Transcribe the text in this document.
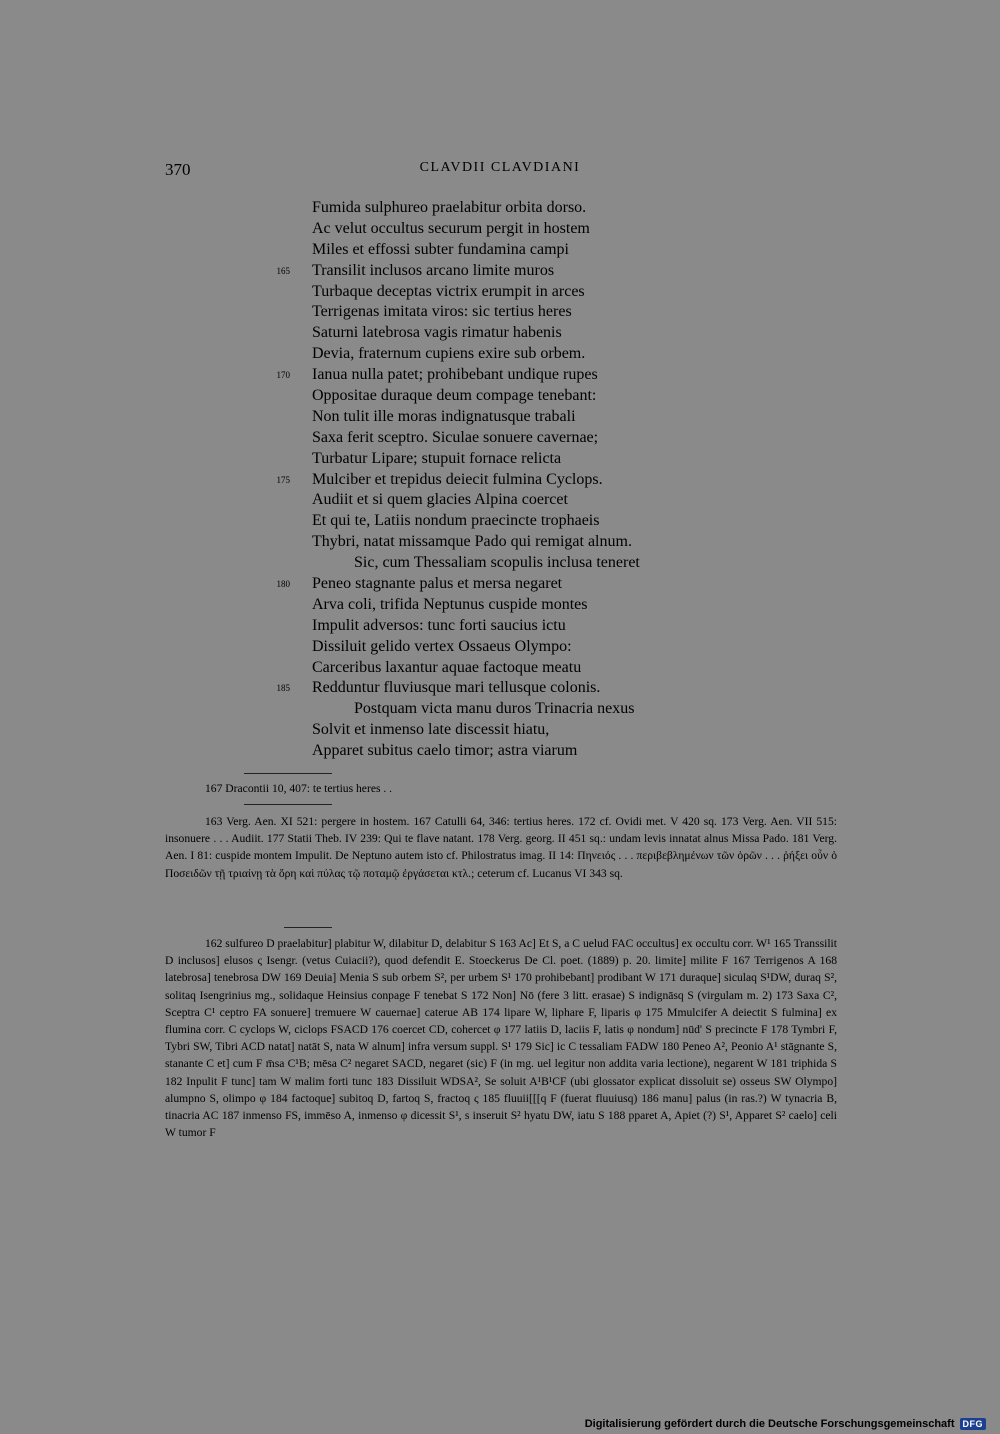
370	CLAVDII CLAVDIANI
Fumida sulphureo praelabitur orbita dorso.
Ac velut occultus securum pergit in hostem
Miles et effossi subter fundamina campi
165 Transilit inclusos arcano limite muros
Turbaque deceptas victrix erumpit in arces
Terrigenas imitata viros: sic tertius heres
Saturni latebrosa vagis rimatur habenis
Devia, fraternum cupiens exire sub orbem.
170 Ianua nulla patet; prohibebant undique rupes
Oppositae duraque deum compage tenebant:
Non tulit ille moras indignatusque trabali
Saxa ferit sceptro. Siculae sonuere cavernae;
Turbatur Lipare; stupuit fornace relicta
175 Mulciber et trepidus deiecit fulmina Cyclops.
Audiit et si quem glacies Alpina coercet
Et qui te, Latiis nondum praecincte trophaeis
Thybri, natat missamque Pado qui remigat alnum.
Sic, cum Thessaliam scopulis inclusa teneret
180 Peneo stagnante palus et mersa negaret
Arva coli, trifida Neptunus cuspide montes
Impulit adversos: tunc forti saucius ictu
Dissiluit gelido vertex Ossaeus Olympo:
Carceribus laxantur aquae factoque meatu
185 Redduntur fluviusque mari tellusque colonis.
Postquam victa manu duros Trinacria nexus
Solvit et inmenso late discessit hiatu,
Apparet subitus caelo timor; astra viarum

167 Dracontii 10, 407: te tertius heres . .

163 Verg. Aen. XI 521: pergere in hostem. 167 Catulli 64, 346: tertius heres. 172 cf. Ovidi met. V 420 sq. 173 Verg. Aen. VII 515: insonuere . . . Audiit. 177 Statii Theb. IV 239: Qui te flave natant. 178 Verg. georg. II 451 sq.: undam levis innatat alnus Missa Pado. 181 Verg. Aen. I 81: cuspide montem Impulit. De Neptuno autem isto cf. Philostratus imag. II 14: Πηνειός . . . περιβεβλημένων τῶν ὀρῶν . . . ῥήξει οὖν ὁ Ποσειδῶν τῇ τριαίνῃ τὰ ὄρη καὶ πύλας τῷ ποταμῷ ἐργάσεται κτλ.; ceterum cf. Lucanus VI 343 sq.

162 sulfureo D praelabitur] plabitur W, dilabitur D, delabitur S 163 Ac] Et S, a C uelud FAC occultus] ex occultu corr. W¹ 165 Transsilit D inclusos] elusos ς Isengr. (vetus Cuiacii?), quod defendit E. Stoeckerus De Cl. poet. (1889) p. 20. limite] milite F 167 Terrigenos A 168 latebrosa] tenebrosa DW 169 Deuia] Menia S sub orbem S², per urbem S¹ 170 prohibebant] prodibant W 171 duraque] siculaq S¹DW, duraq S², solitaq Isengrinius mg., solidaque Heinsius conpage F tenebat S 172 Non] Nō (fere 3 litt. erasae) S indignāsq S (virgulam m. 2) 173 Saxa C², Sceptra C¹ ceptro FA sonuere] tremuere W cauernae] caterue AB 174 lipare W, liphare F, liparis φ 175 Mmulcifer A deiectit S fulmina] ex flumina corr. C cyclops W, ciclops FSACD 176 coercet CD, cohercet φ 177 latiis D, laciis F, latis φ nondum] nūd' S precincte F 178 Tymbri F, Tybri SW, Tibri ACD natat] natāt S, nata W alnum] infra versum suppl. S¹ 179 Sic] ic C tessaliam FADW 180 Peneo A², Peonio A¹ stāgnante S, stanante C et] cum F m̄sa C¹B; mēsa C² negaret SACD, negaret (sic) F (in mg. uel legitur non addita varia lectione), negarent W 181 triphida S 182 Inpulit F tunc] tam W malim forti tunc 183 Dissiluit WDSA², Se soluit A¹B¹CF (ubi glossator explicat dissoluit se) osseus SW Olympo] alumpno S, olimpo φ 184 factoque] subitoq D, fartoq S, fractoq ς 185 fluuii[[[q F (fuerat fluuiusq) 186 manu] palus (in ras.?) W tynacria B, tinacria AC 187 inmenso FS, immēso A, inmenso φ dicessit S¹, s inseruit S² hyatu DW, iatu S 188 pparet A, Apiet (?) S¹, Apparet S² caelo] celi W tumor F

Digitalisierung gefördert durch die Deutsche Forschungsgemeinschaft DFG
